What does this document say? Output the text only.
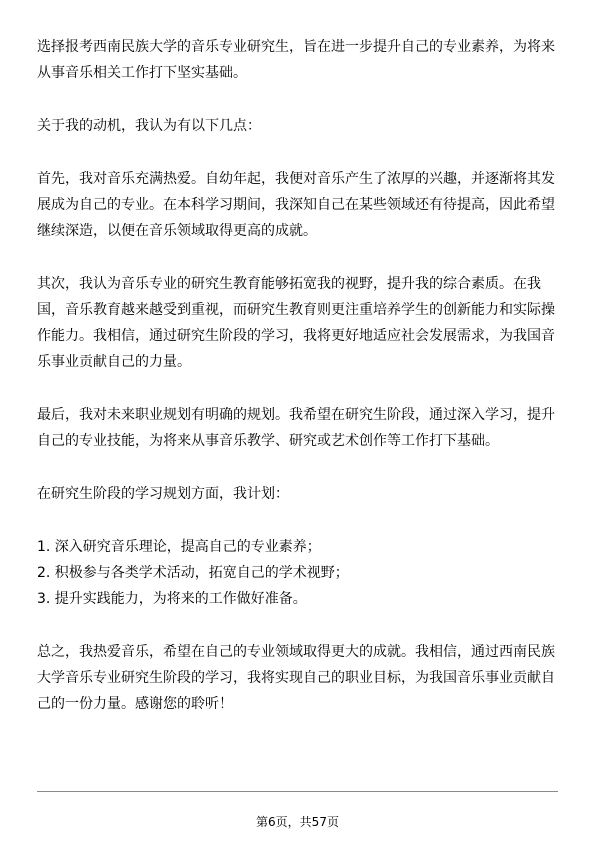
选择报考西南民族大学的音乐专业研究生，旨在进一步提升自己的专业素养，为将来从事音乐相关工作打下坚实基础。

关于我的动机，我认为有以下几点：

首先，我对音乐充满热爱。自幼年起，我便对音乐产生了浓厚的兴趣，并逐渐将其发展成为自己的专业。在本科学习期间，我深知自己在某些领域还有待提高，因此希望继续深造，以便在音乐领域取得更高的成就。

其次，我认为音乐专业的研究生教育能够拓宽我的视野，提升我的综合素质。在我国，音乐教育越来越受到重视，而研究生教育则更注重培养学生的创新能力和实际操作能力。我相信，通过研究生阶段的学习，我将更好地适应社会发展需求，为我国音乐事业贡献自己的力量。

最后，我对未来职业规划有明确的规划。我希望在研究生阶段，通过深入学习，提升自己的专业技能，为将来从事音乐教学、研究或艺术创作等工作打下基础。

在研究生阶段的学习规划方面，我计划：

1. 深入研究音乐理论，提高自己的专业素养；

2. 积极参与各类学术活动，拓宽自己的学术视野；

3. 提升实践能力，为将来的工作做好准备。

总之，我热爱音乐，希望在自己的专业领域取得更大的成就。我相信，通过西南民族大学音乐专业研究生阶段的学习，我将实现自己的职业目标，为我国音乐事业贡献自己的一份力量。感谢您的聆听！

第6页，共57页
